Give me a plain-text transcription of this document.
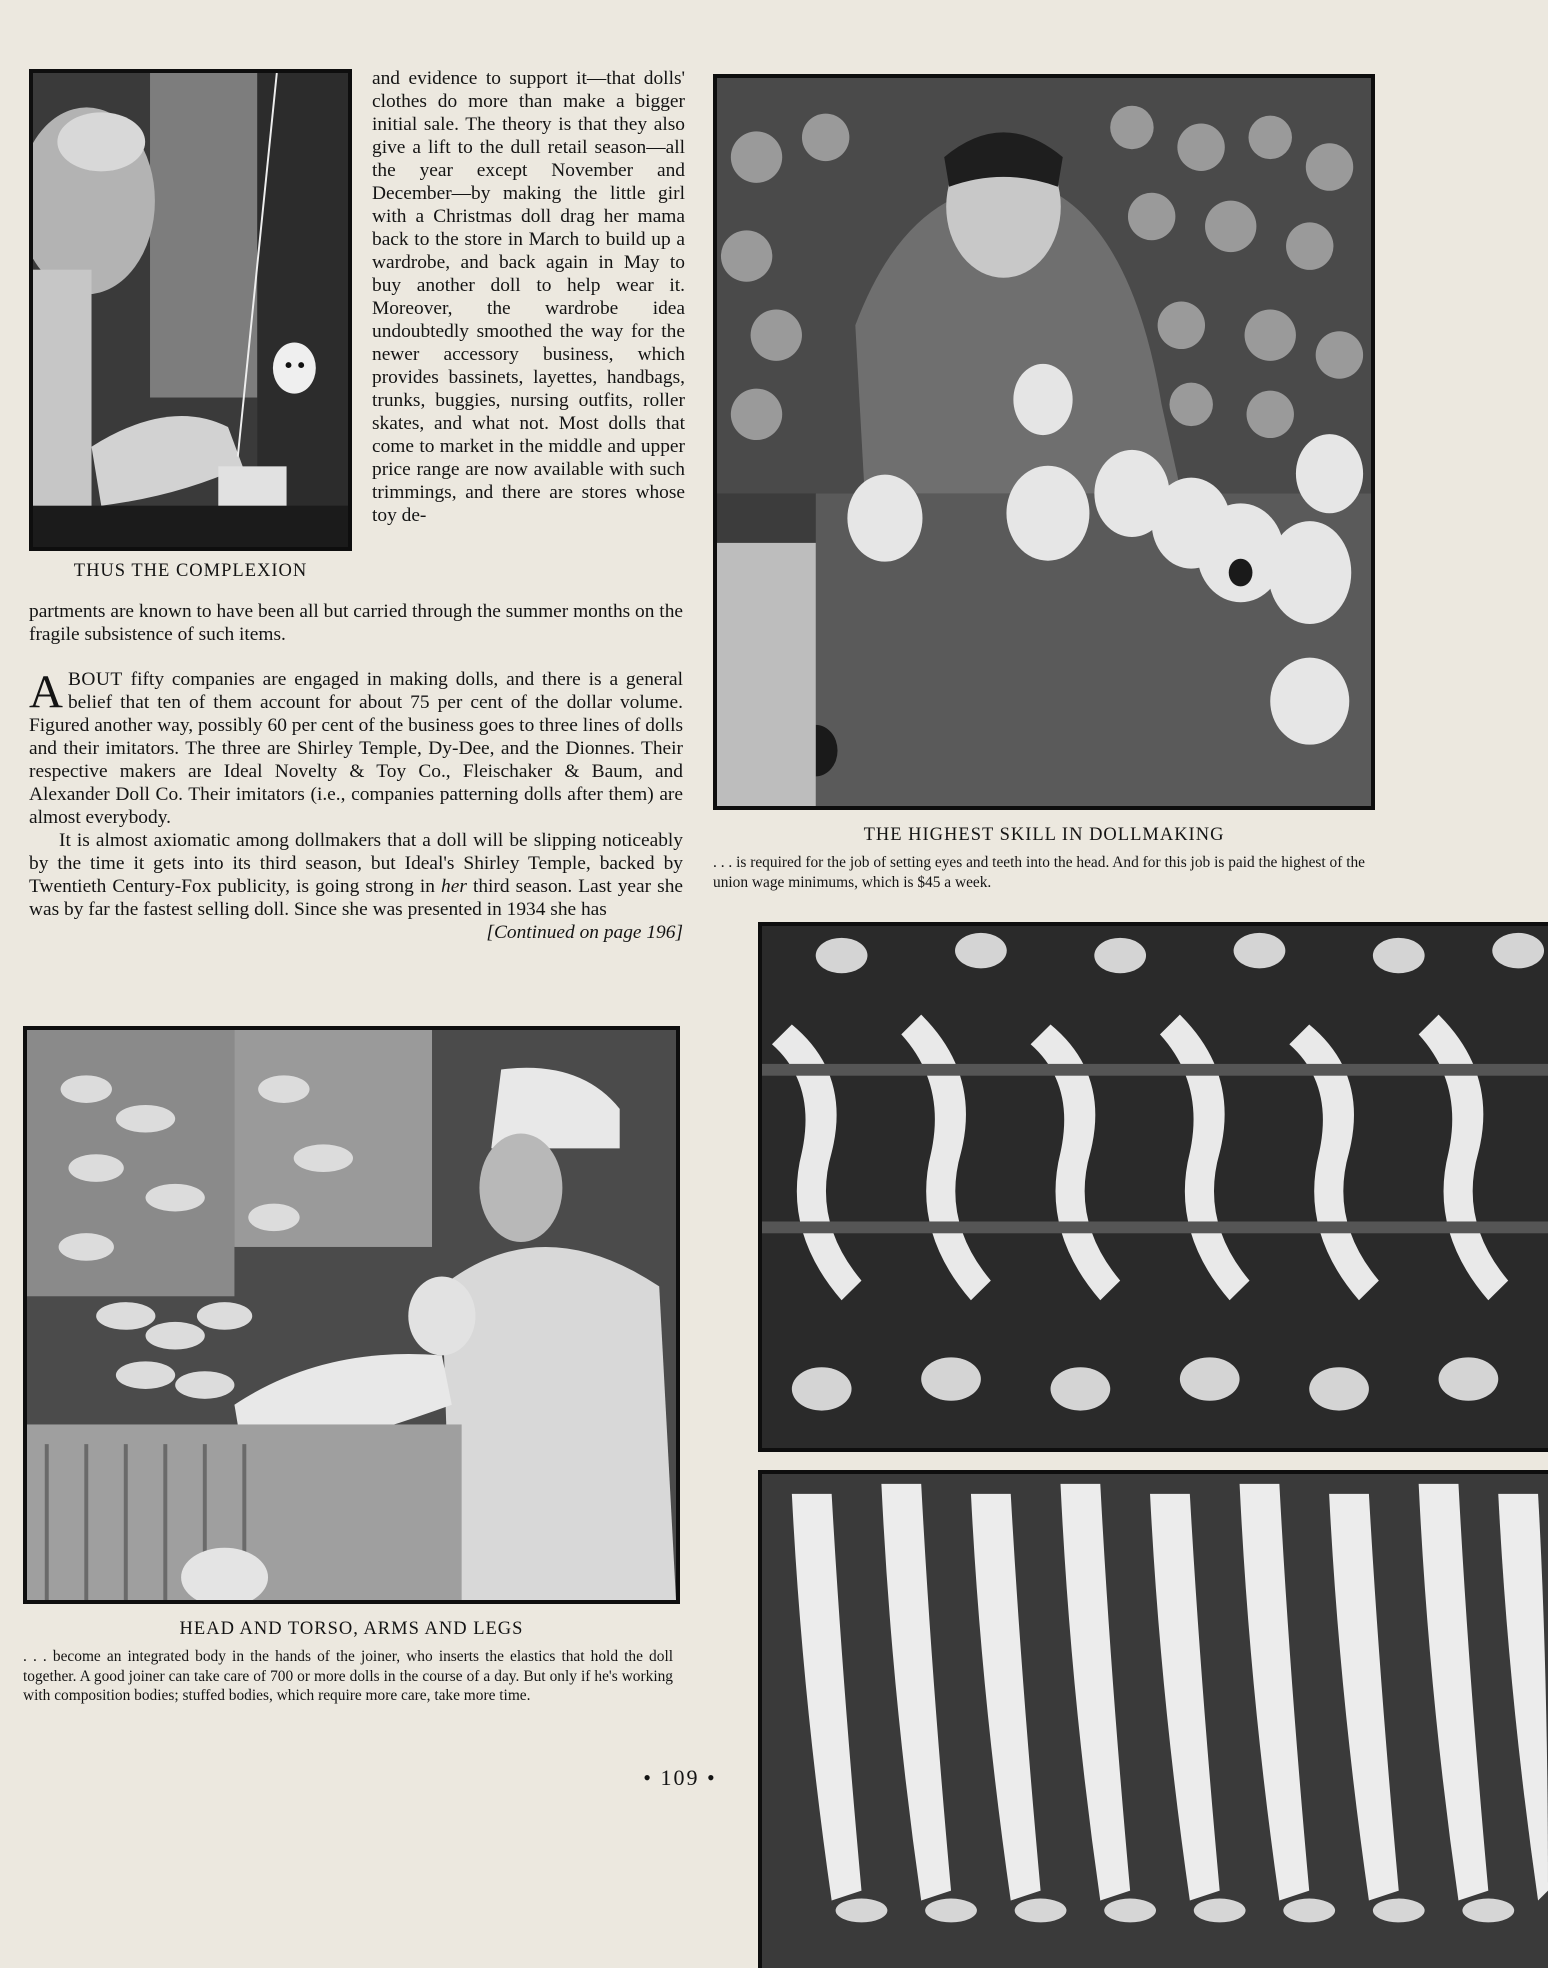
THUS THE COMPLEXION

and evidence to support it—that dolls' clothes do more than make a bigger initial sale. The theory is that they also give a lift to the dull retail season—all the year except November and December—by making the little girl with a Christmas doll drag her mama back to the store in March to build up a wardrobe, and back again in May to buy another doll to help wear it. Moreover, the wardrobe idea undoubtedly smoothed the way for the newer accessory business, which provides bassinets, layettes, handbags, trunks, buggies, nursing outfits, roller skates, and what not. Most dolls that come to market in the middle and upper price range are now available with such trimmings, and there are stores whose toy de-

partments are known to have been all but carried through the summer months on the fragile subsistence of such items.

ABOUT fifty companies are engaged in making dolls, and there is a general belief that ten of them account for about 75 per cent of the dollar volume. Figured another way, possibly 60 per cent of the business goes to three lines of dolls and their imitators. The three are Shirley Temple, Dy-Dee, and the Dionnes. Their respective makers are Ideal Novelty & Toy Co., Fleischaker & Baum, and Alexander Doll Co. Their imitators (i.e., companies patterning dolls after them) are almost everybody.

It is almost axiomatic among dollmakers that a doll will be slipping noticeably by the time it gets into its third season, but Ideal's Shirley Temple, backed by Twentieth Century-Fox publicity, is going strong in her third season. Last year she was by far the fastest selling doll. Since she was presented in 1934 she has

[Continued on page 196]

THE HIGHEST SKILL IN DOLLMAKING
. . . is required for the job of setting eyes and teeth into the head. And for this job is paid the highest of the union wage minimums, which is $45 a week.
HEAD AND TORSO, ARMS AND LEGS
. . . become an integrated body in the hands of the joiner, who inserts the elastics that hold the doll together. A good joiner can take care of 700 or more dolls in the course of a day. But only if he's working with composition bodies; stuffed bodies, which require more care, take more time.
• 109 •
